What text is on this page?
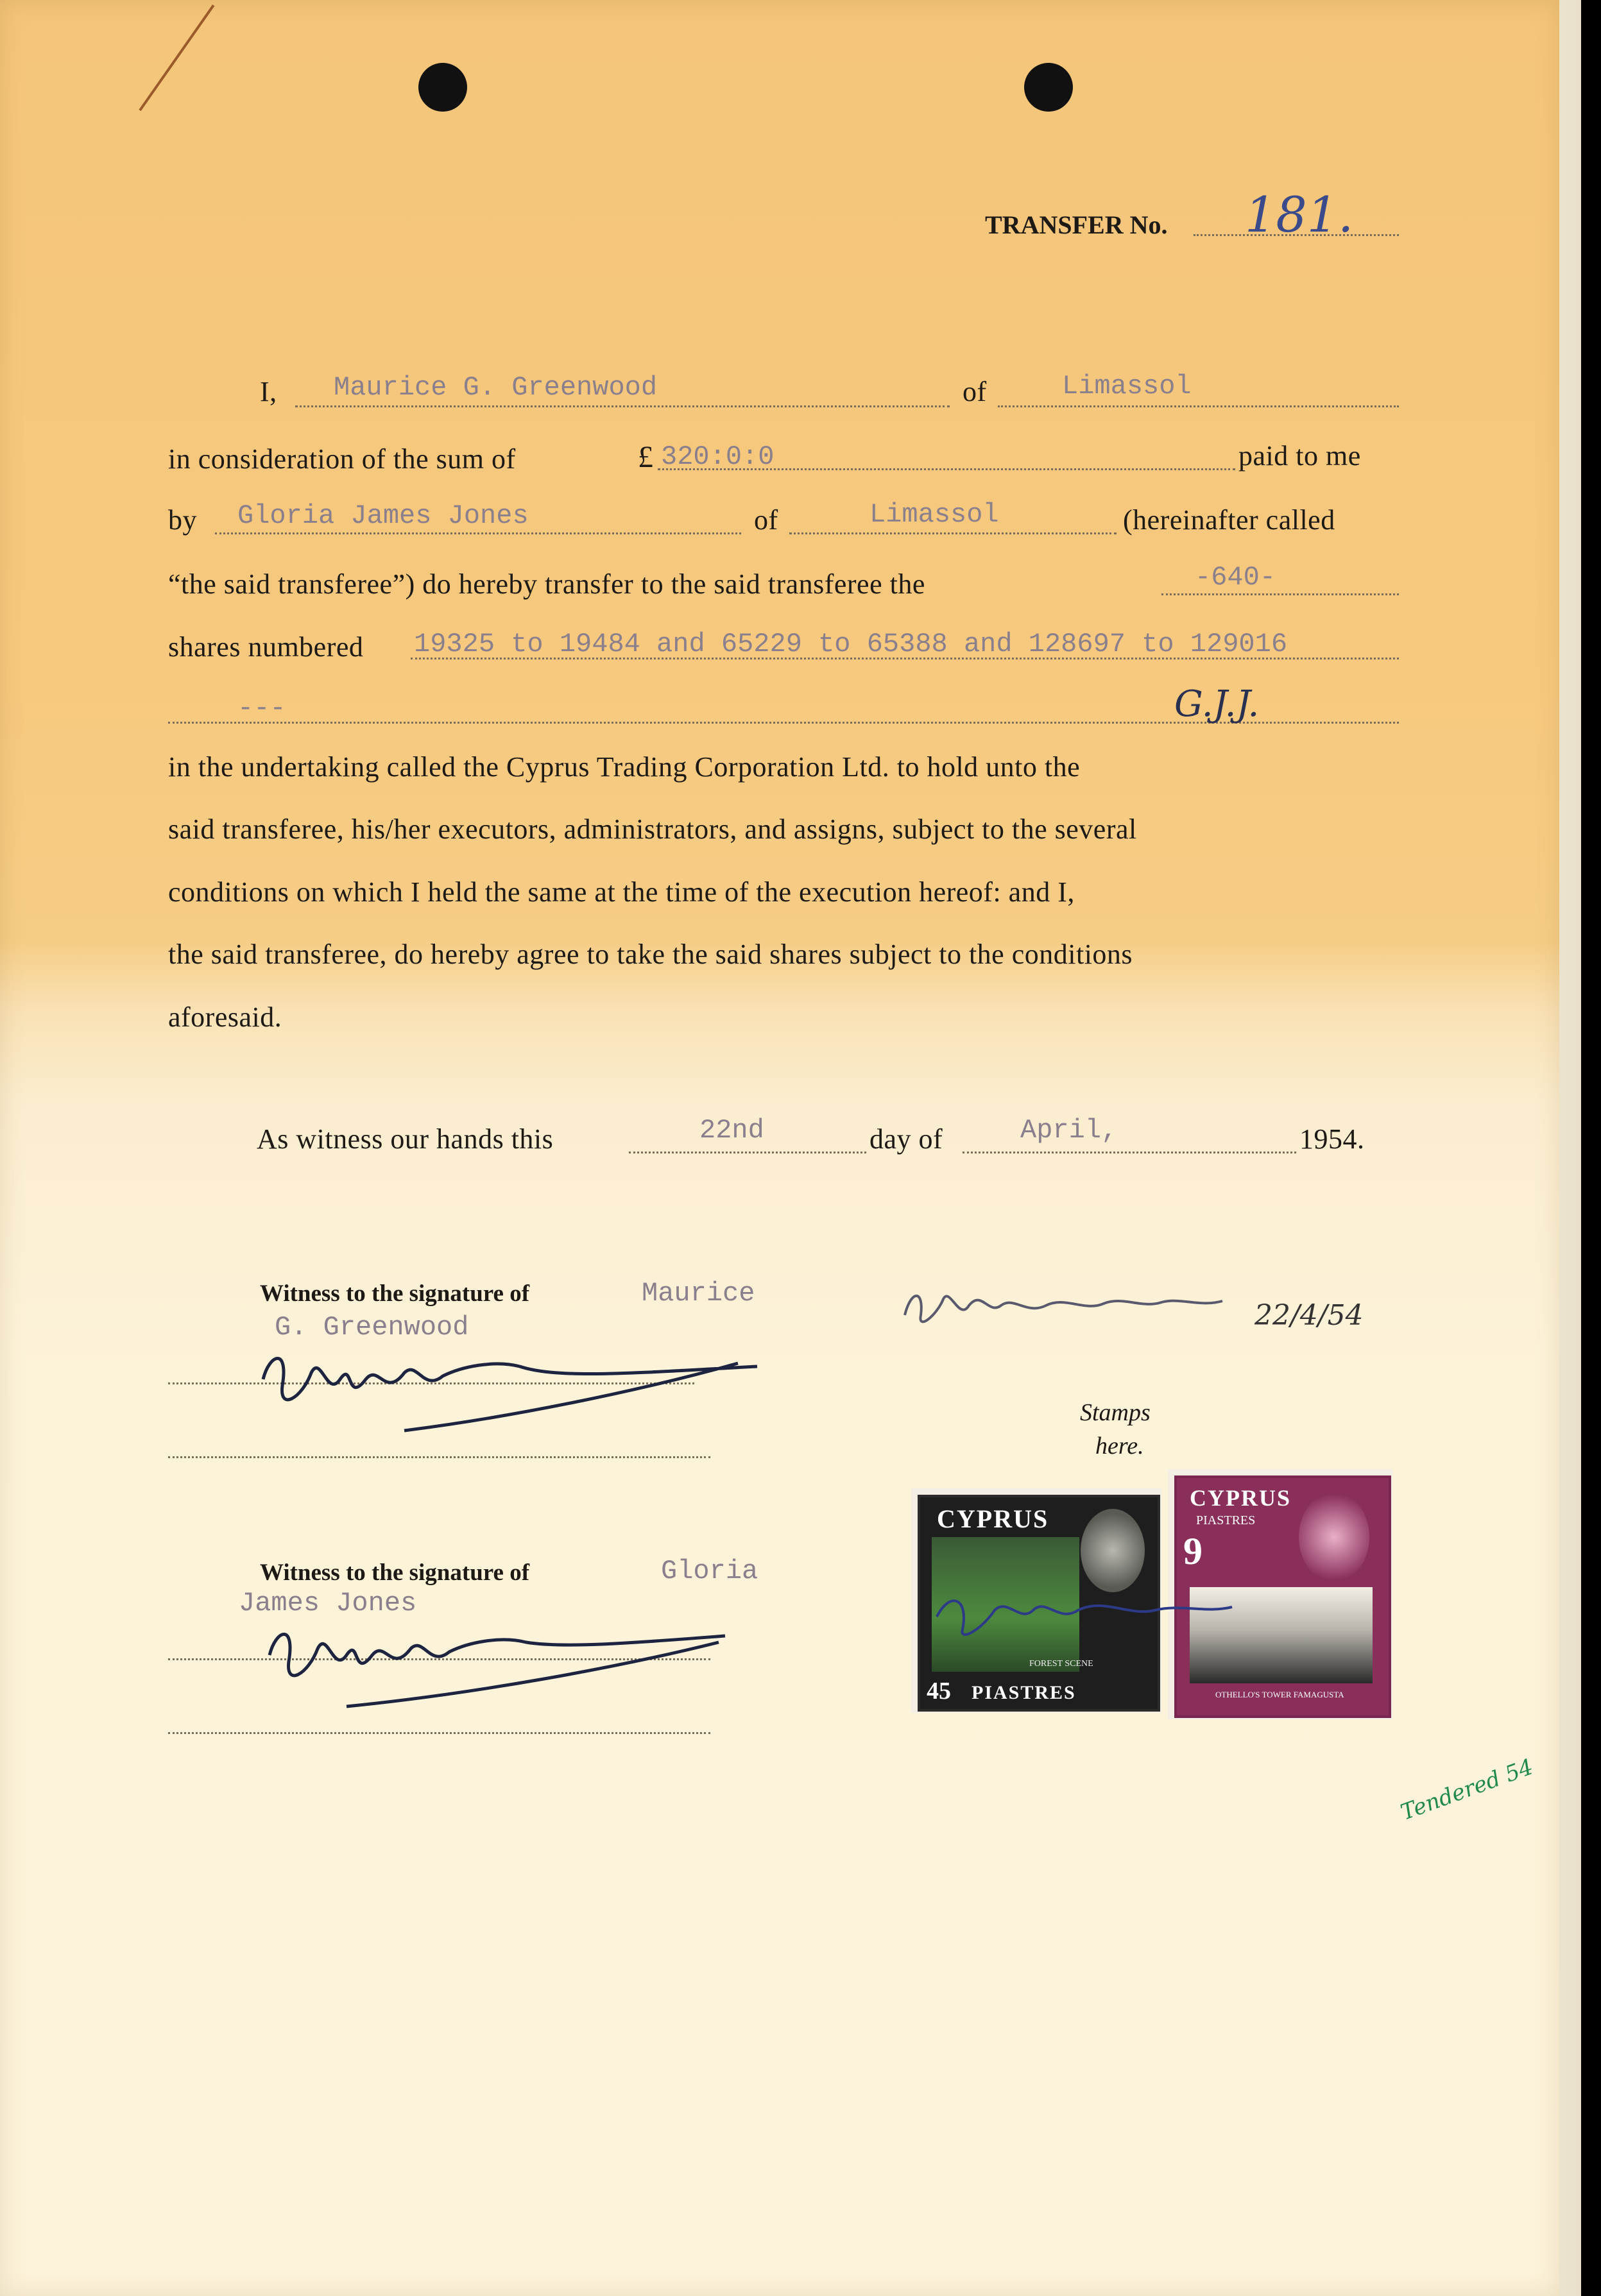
TRANSFER No. 181.
I, Maurice G. Greenwood	of	Limassol
in consideration of the sum of	£ 320:0:0	paid to me
by Gloria James Jones	of	Limassol	(hereinafter called
“the said transferee”) do hereby transfer to the said transferee the	-640-
shares numbered 19325 to 19484 and 65229 to 65388 and 128697 to 129016
---	G.J.J.
in the undertaking called the Cyprus Trading Corporation Ltd. to hold unto the
said transferee, his/her executors, administrators, and assigns, subject to the several
conditions on which I held the same at the time of the execution hereof: and I,
the said transferee, do hereby agree to take the said shares subject to the conditions
aforesaid.
As witness our hands this	22nd	day of	April,	1954.
Witness to the signature of	Maurice
G. Greenwood	22/4/54
Stamps
here.
CYPRUS
FOREST SCENE
45 PIASTRES
CYPRUS
PIASTRES
9
OTHELLO'S TOWER FAMAGUSTA
Witness to the signature of	Gloria
James Jones
Tendered 54
